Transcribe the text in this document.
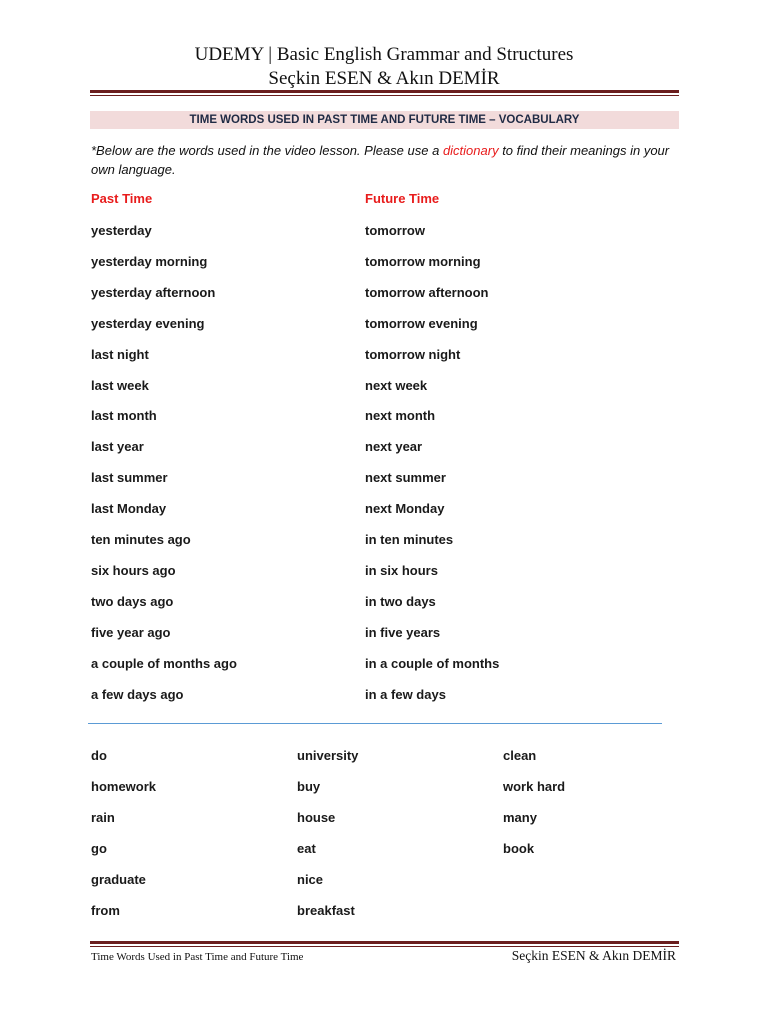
UDEMY | Basic English Grammar and Structures
Seçkin ESEN & Akın DEMİR
TIME WORDS USED IN PAST TIME AND FUTURE TIME – VOCABULARY
*Below are the words used in the video lesson. Please use a dictionary to find their meanings in your own language.
Past Time	Future Time
yesterday
yesterday morning
yesterday afternoon
yesterday evening
last night
last week
last month
last year
last summer
last Monday
ten minutes ago
six hours ago
two days ago
five year ago
a couple of months ago
a few days ago
tomorrow
tomorrow morning
tomorrow afternoon
tomorrow evening
tomorrow night
next week
next month
next year
next summer
next Monday
in ten minutes
in six hours
in two days
in five years
in a couple of months
in a few days
do
homework
rain
go
graduate
from
university
buy
house
eat
nice
breakfast
clean
work hard
many
book
Time Words Used in Past Time and Future Time	Seçkin ESEN & Akın DEMİR
